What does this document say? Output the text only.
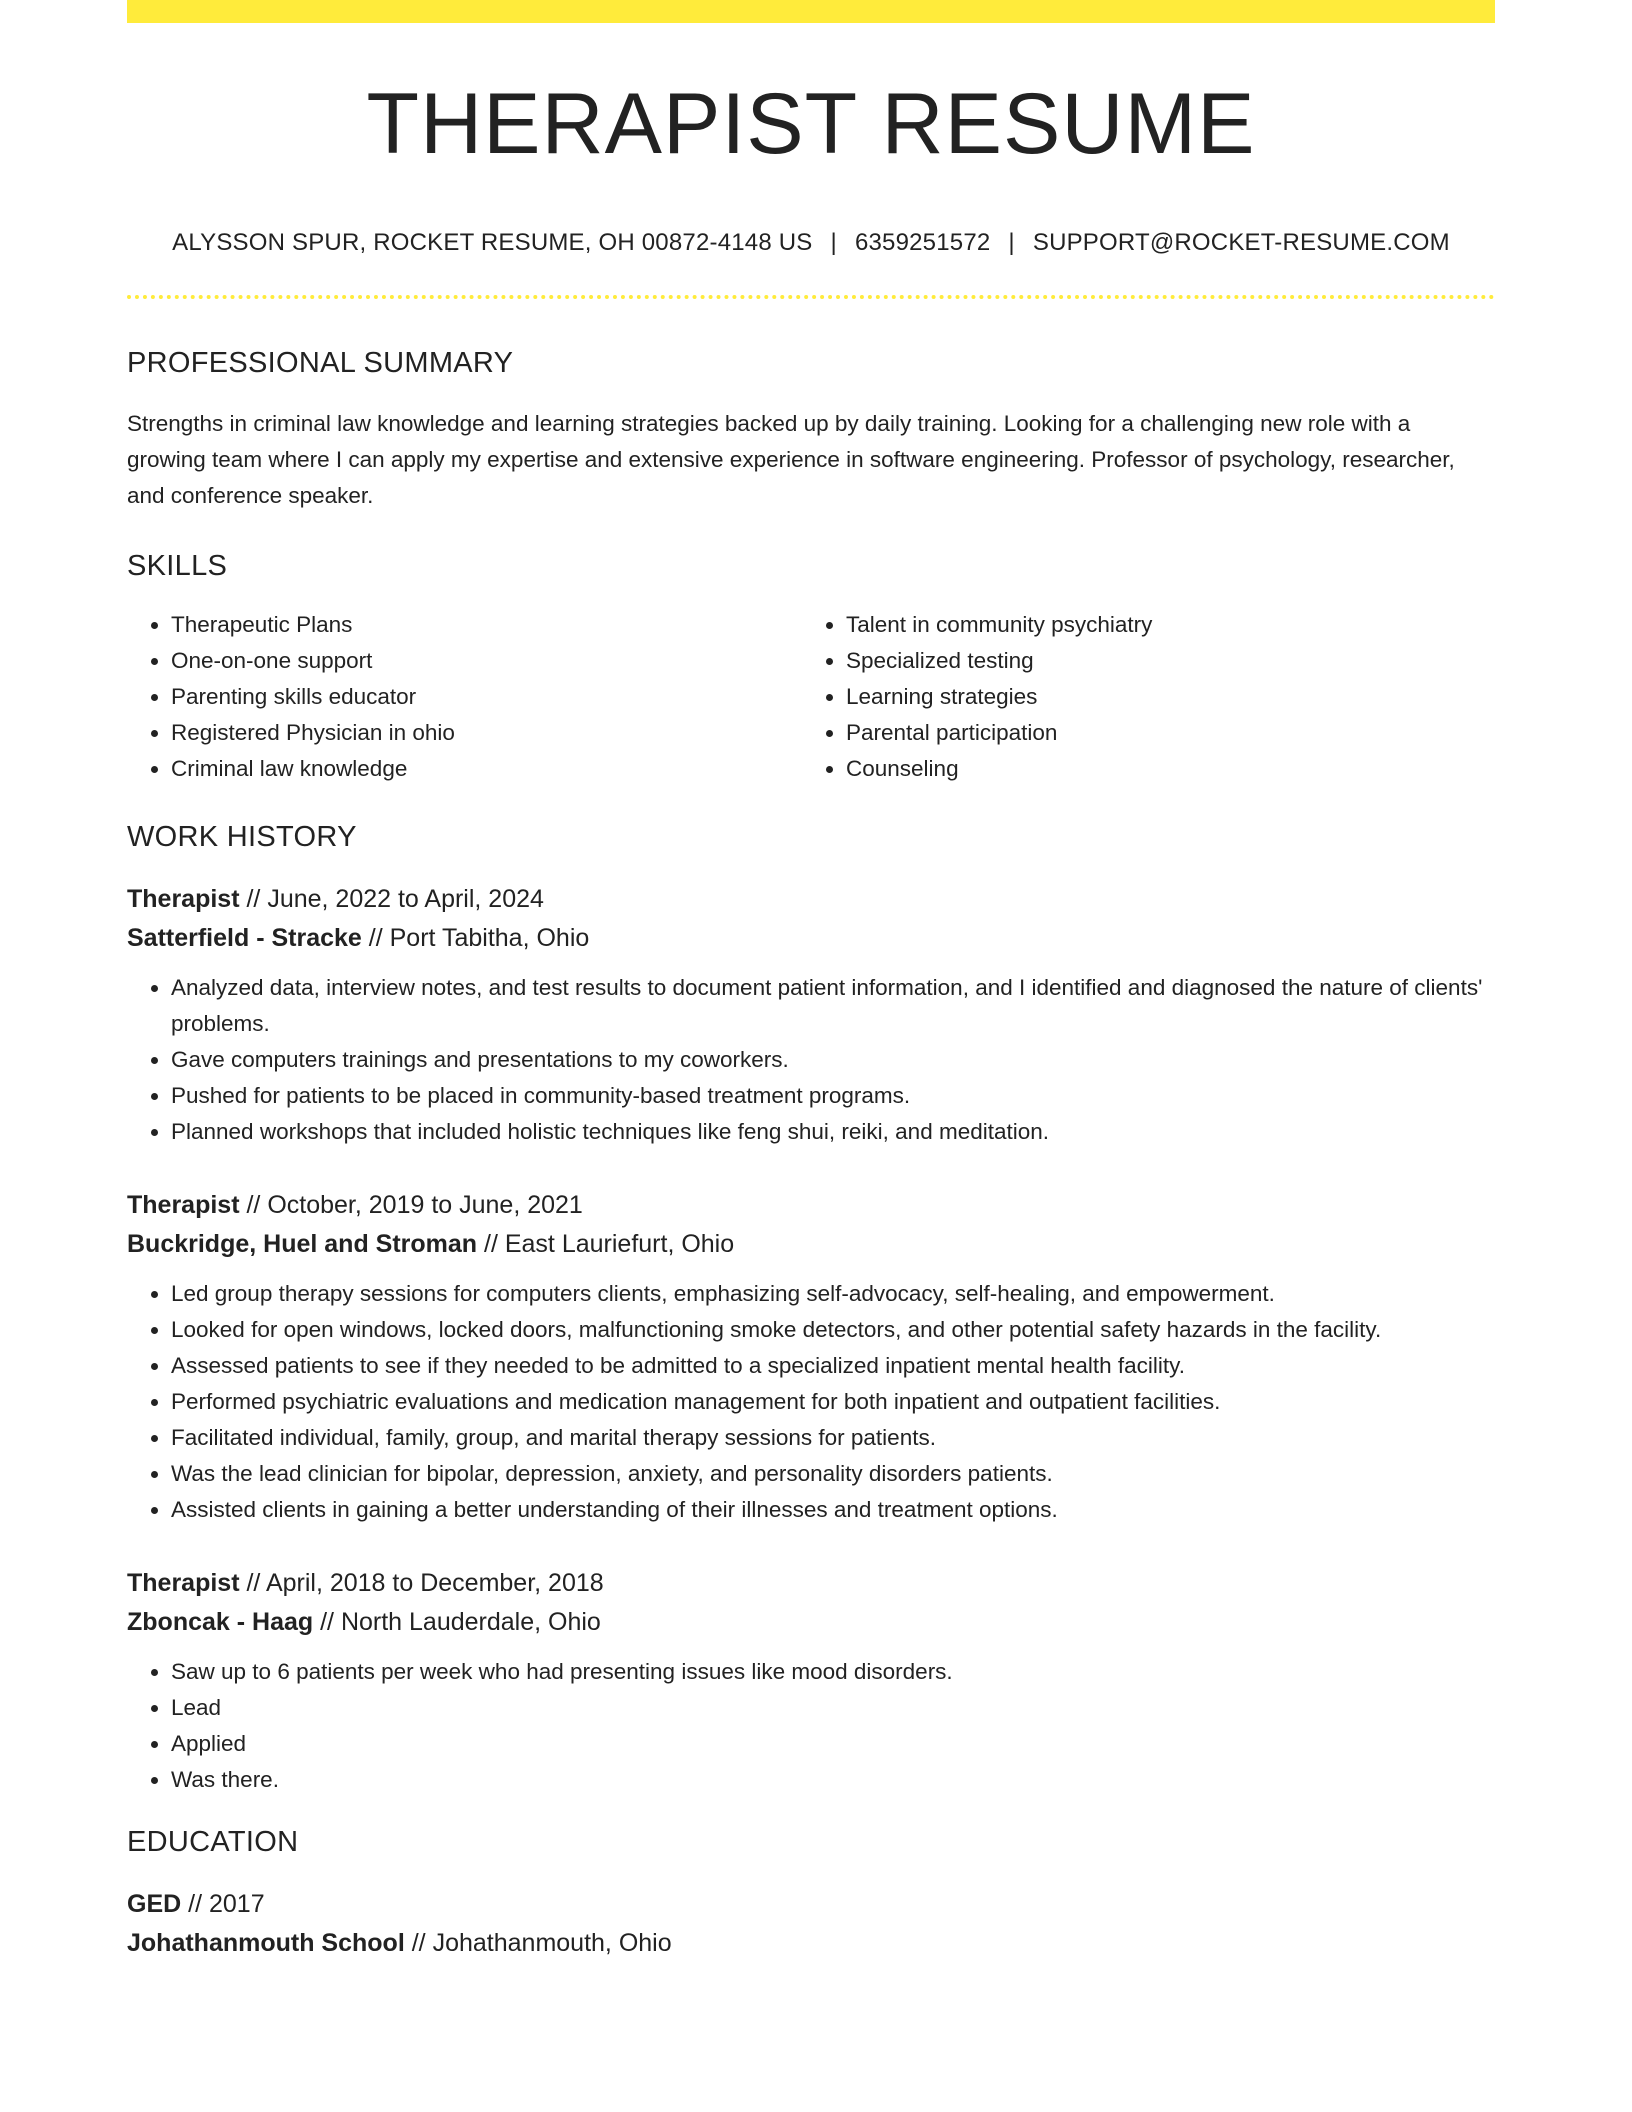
THERAPIST RESUME
ALYSSON SPUR, ROCKET RESUME, OH 00872-4148 US | 6359251572 | SUPPORT@ROCKET-RESUME.COM
PROFESSIONAL SUMMARY
Strengths in criminal law knowledge and learning strategies backed up by daily training. Looking for a challenging new role with a growing team where I can apply my expertise and extensive experience in software engineering. Professor of psychology, researcher, and conference speaker.
SKILLS
• Therapeutic Plans
• One-on-one support
• Parenting skills educator
• Registered Physician in ohio
• Criminal law knowledge
• Talent in community psychiatry
• Specialized testing
• Learning strategies
• Parental participation
• Counseling
WORK HISTORY
Therapist // June, 2022 to April, 2024
Satterfield - Stracke // Port Tabitha, Ohio
• Analyzed data, interview notes, and test results to document patient information, and I identified and diagnosed the nature of clients' problems.
• Gave computers trainings and presentations to my coworkers.
• Pushed for patients to be placed in community-based treatment programs.
• Planned workshops that included holistic techniques like feng shui, reiki, and meditation.
Therapist // October, 2019 to June, 2021
Buckridge, Huel and Stroman // East Lauriefurt, Ohio
• Led group therapy sessions for computers clients, emphasizing self-advocacy, self-healing, and empowerment.
• Looked for open windows, locked doors, malfunctioning smoke detectors, and other potential safety hazards in the facility.
• Assessed patients to see if they needed to be admitted to a specialized inpatient mental health facility.
• Performed psychiatric evaluations and medication management for both inpatient and outpatient facilities.
• Facilitated individual, family, group, and marital therapy sessions for patients.
• Was the lead clinician for bipolar, depression, anxiety, and personality disorders patients.
• Assisted clients in gaining a better understanding of their illnesses and treatment options.
Therapist // April, 2018 to December, 2018
Zboncak - Haag // North Lauderdale, Ohio
• Saw up to 6 patients per week who had presenting issues like mood disorders.
• Lead
• Applied
• Was there.
EDUCATION
GED // 2017
Johathanmouth School // Johathanmouth, Ohio
